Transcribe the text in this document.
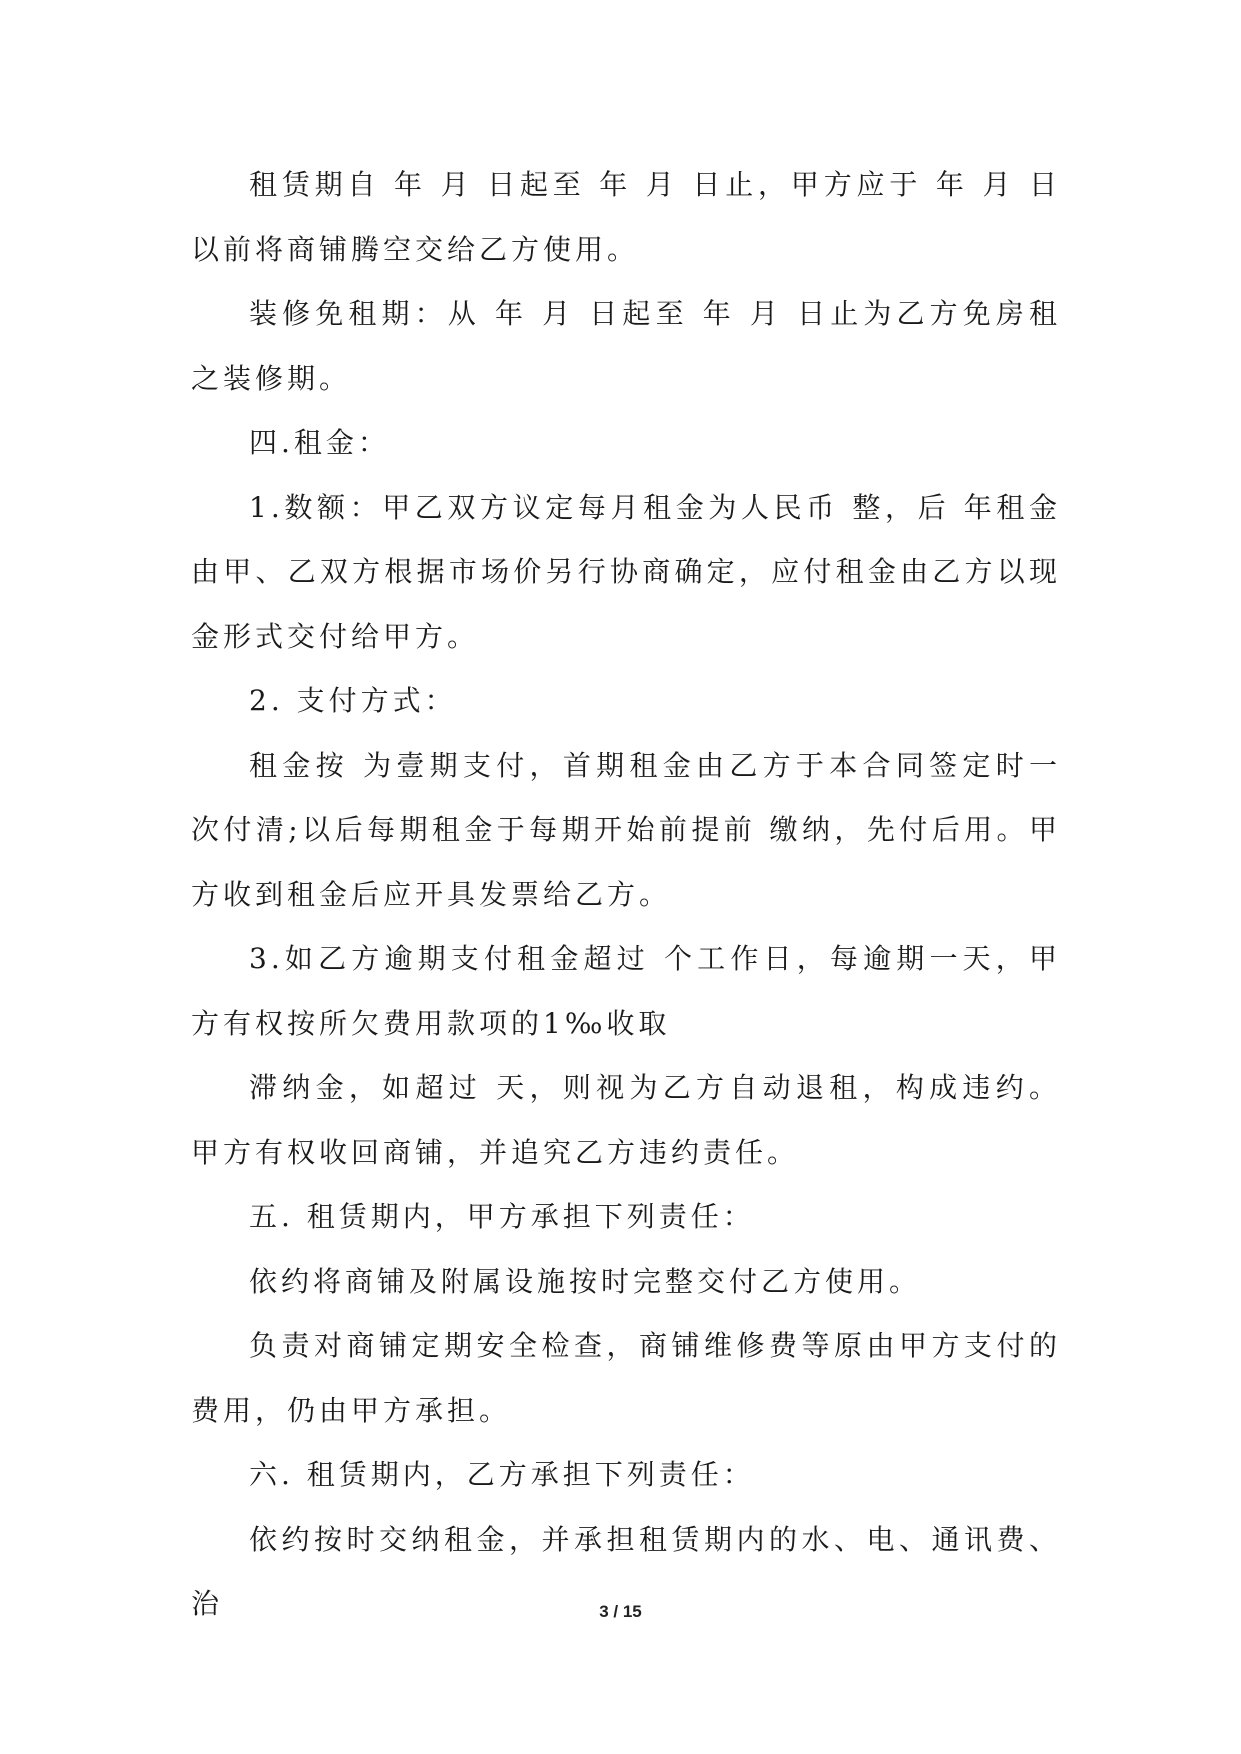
租赁期自 年 月 日起至 年 月 日止，甲方应于 年 月 日以前将商铺腾空交给乙方使用。

装修免租期：从 年 月 日起至 年 月 日止为乙方免房租之装修期。

四.租金：

1.数额：甲乙双方议定每月租金为人民币 整，后 年租金由甲、乙双方根据市场价另行协商确定，应付租金由乙方以现金形式交付给甲方。

2. 支付方式：

租金按 为壹期支付，首期租金由乙方于本合同签定时一次付清;以后每期租金于每期开始前提前 缴纳，先付后用。甲方收到租金后应开具发票给乙方。

3.如乙方逾期支付租金超过 个工作日，每逾期一天，甲方有权按所欠费用款项的1‰收取

滞纳金，如超过 天，则视为乙方自动退租，构成违约。甲方有权收回商铺，并追究乙方违约责任。

五. 租赁期内，甲方承担下列责任：

依约将商铺及附属设施按时完整交付乙方使用。

负责对商铺定期安全检查，商铺维修费等原由甲方支付的费用，仍由甲方承担。

六. 租赁期内，乙方承担下列责任：

依约按时交纳租金，并承担租赁期内的水、电、通讯费、治	3 / 15
